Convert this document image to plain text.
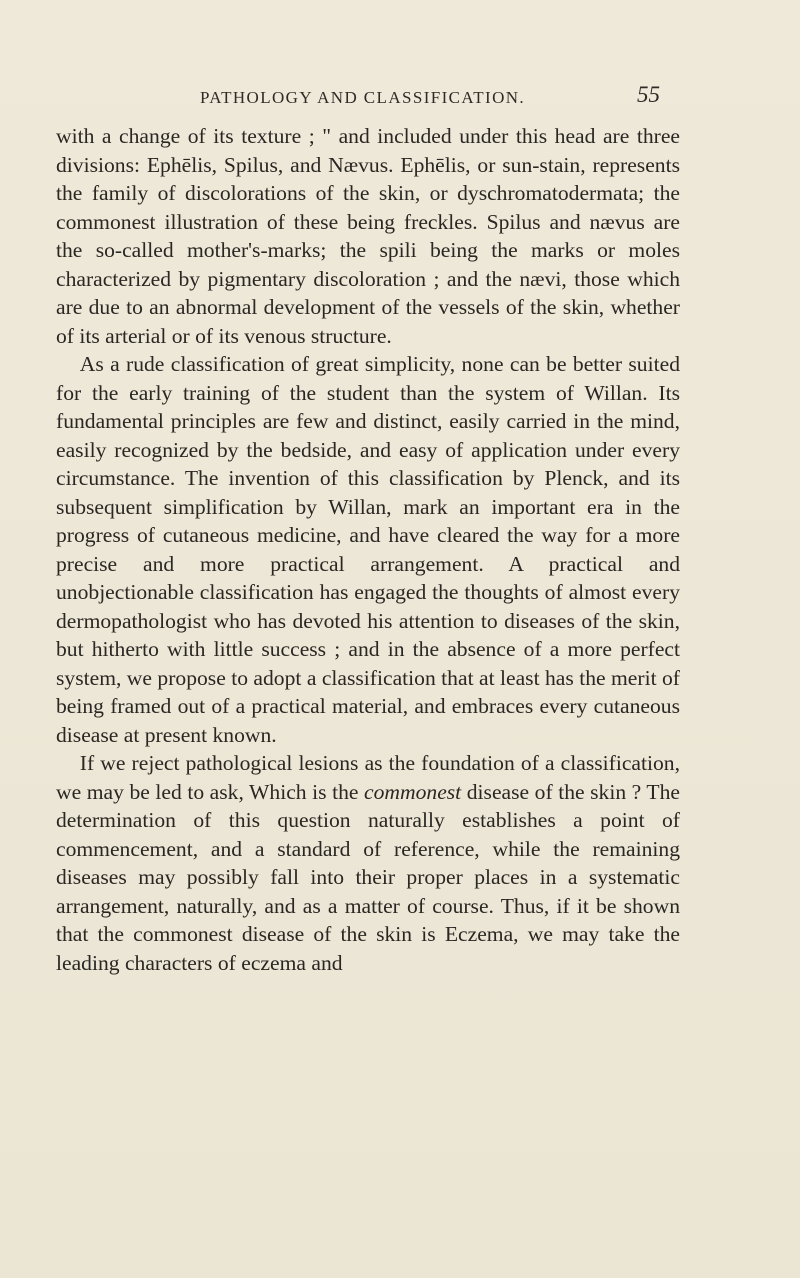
PATHOLOGY AND CLASSIFICATION.	55

with a change of its texture ; " and included under this head are three divisions: Ephēlis, Spilus, and Nævus. Ephēlis, or sun-stain, represents the family of discolorations of the skin, or dyschromatodermata; the commonest illustration of these being freckles. Spilus and nævus are the so-called mother's-marks; the spili being the marks or moles characterized by pigmentary discoloration ; and the nævi, those which are due to an abnormal development of the vessels of the skin, whether of its arterial or of its venous structure.

As a rude classification of great simplicity, none can be better suited for the early training of the student than the system of Willan. Its fundamental principles are few and distinct, easily carried in the mind, easily recognized by the bedside, and easy of application under every circumstance. The invention of this classification by Plenck, and its subsequent simplification by Willan, mark an important era in the progress of cutaneous medicine, and have cleared the way for a more precise and more practical arrangement. A practical and unobjectionable classification has engaged the thoughts of almost every dermopathologist who has devoted his attention to diseases of the skin, but hitherto with little success ; and in the absence of a more perfect system, we propose to adopt a classification that at least has the merit of being framed out of a practical material, and embraces every cutaneous disease at present known.

If we reject pathological lesions as the foundation of a classification, we may be led to ask, Which is the commonest disease of the skin ? The determination of this question naturally establishes a point of commencement, and a standard of reference, while the remaining diseases may possibly fall into their proper places in a systematic arrangement, naturally, and as a matter of course. Thus, if it be shown that the commonest disease of the skin is Eczema, we may take the leading characters of eczema and
